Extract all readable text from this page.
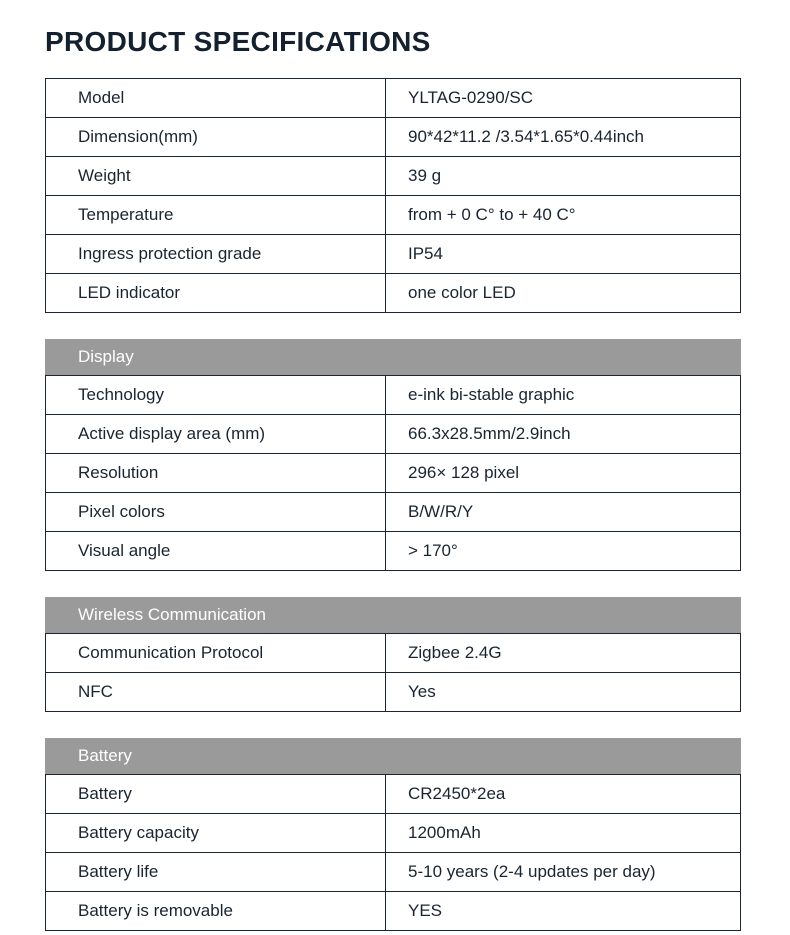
PRODUCT SPECIFICATIONS
Model	YLTAG-0290/SC
Dimension(mm)	90*42*11.2 /3.54*1.65*0.44inch
Weight	39 g
Temperature	from + 0 C° to + 40 C°
Ingress protection grade	IP54
LED indicator	one color LED
Display
Technology	e-ink bi-stable graphic
Active display area (mm)	66.3x28.5mm/2.9inch
Resolution	296× 128 pixel
Pixel colors	B/W/R/Y
Visual angle	> 170°
Wireless Communication
Communication Protocol	Zigbee 2.4G
NFC	Yes
Battery
Battery	CR2450*2ea
Battery capacity	1200mAh
Battery life	5-10 years (2-4 updates per day)
Battery is removable	YES
